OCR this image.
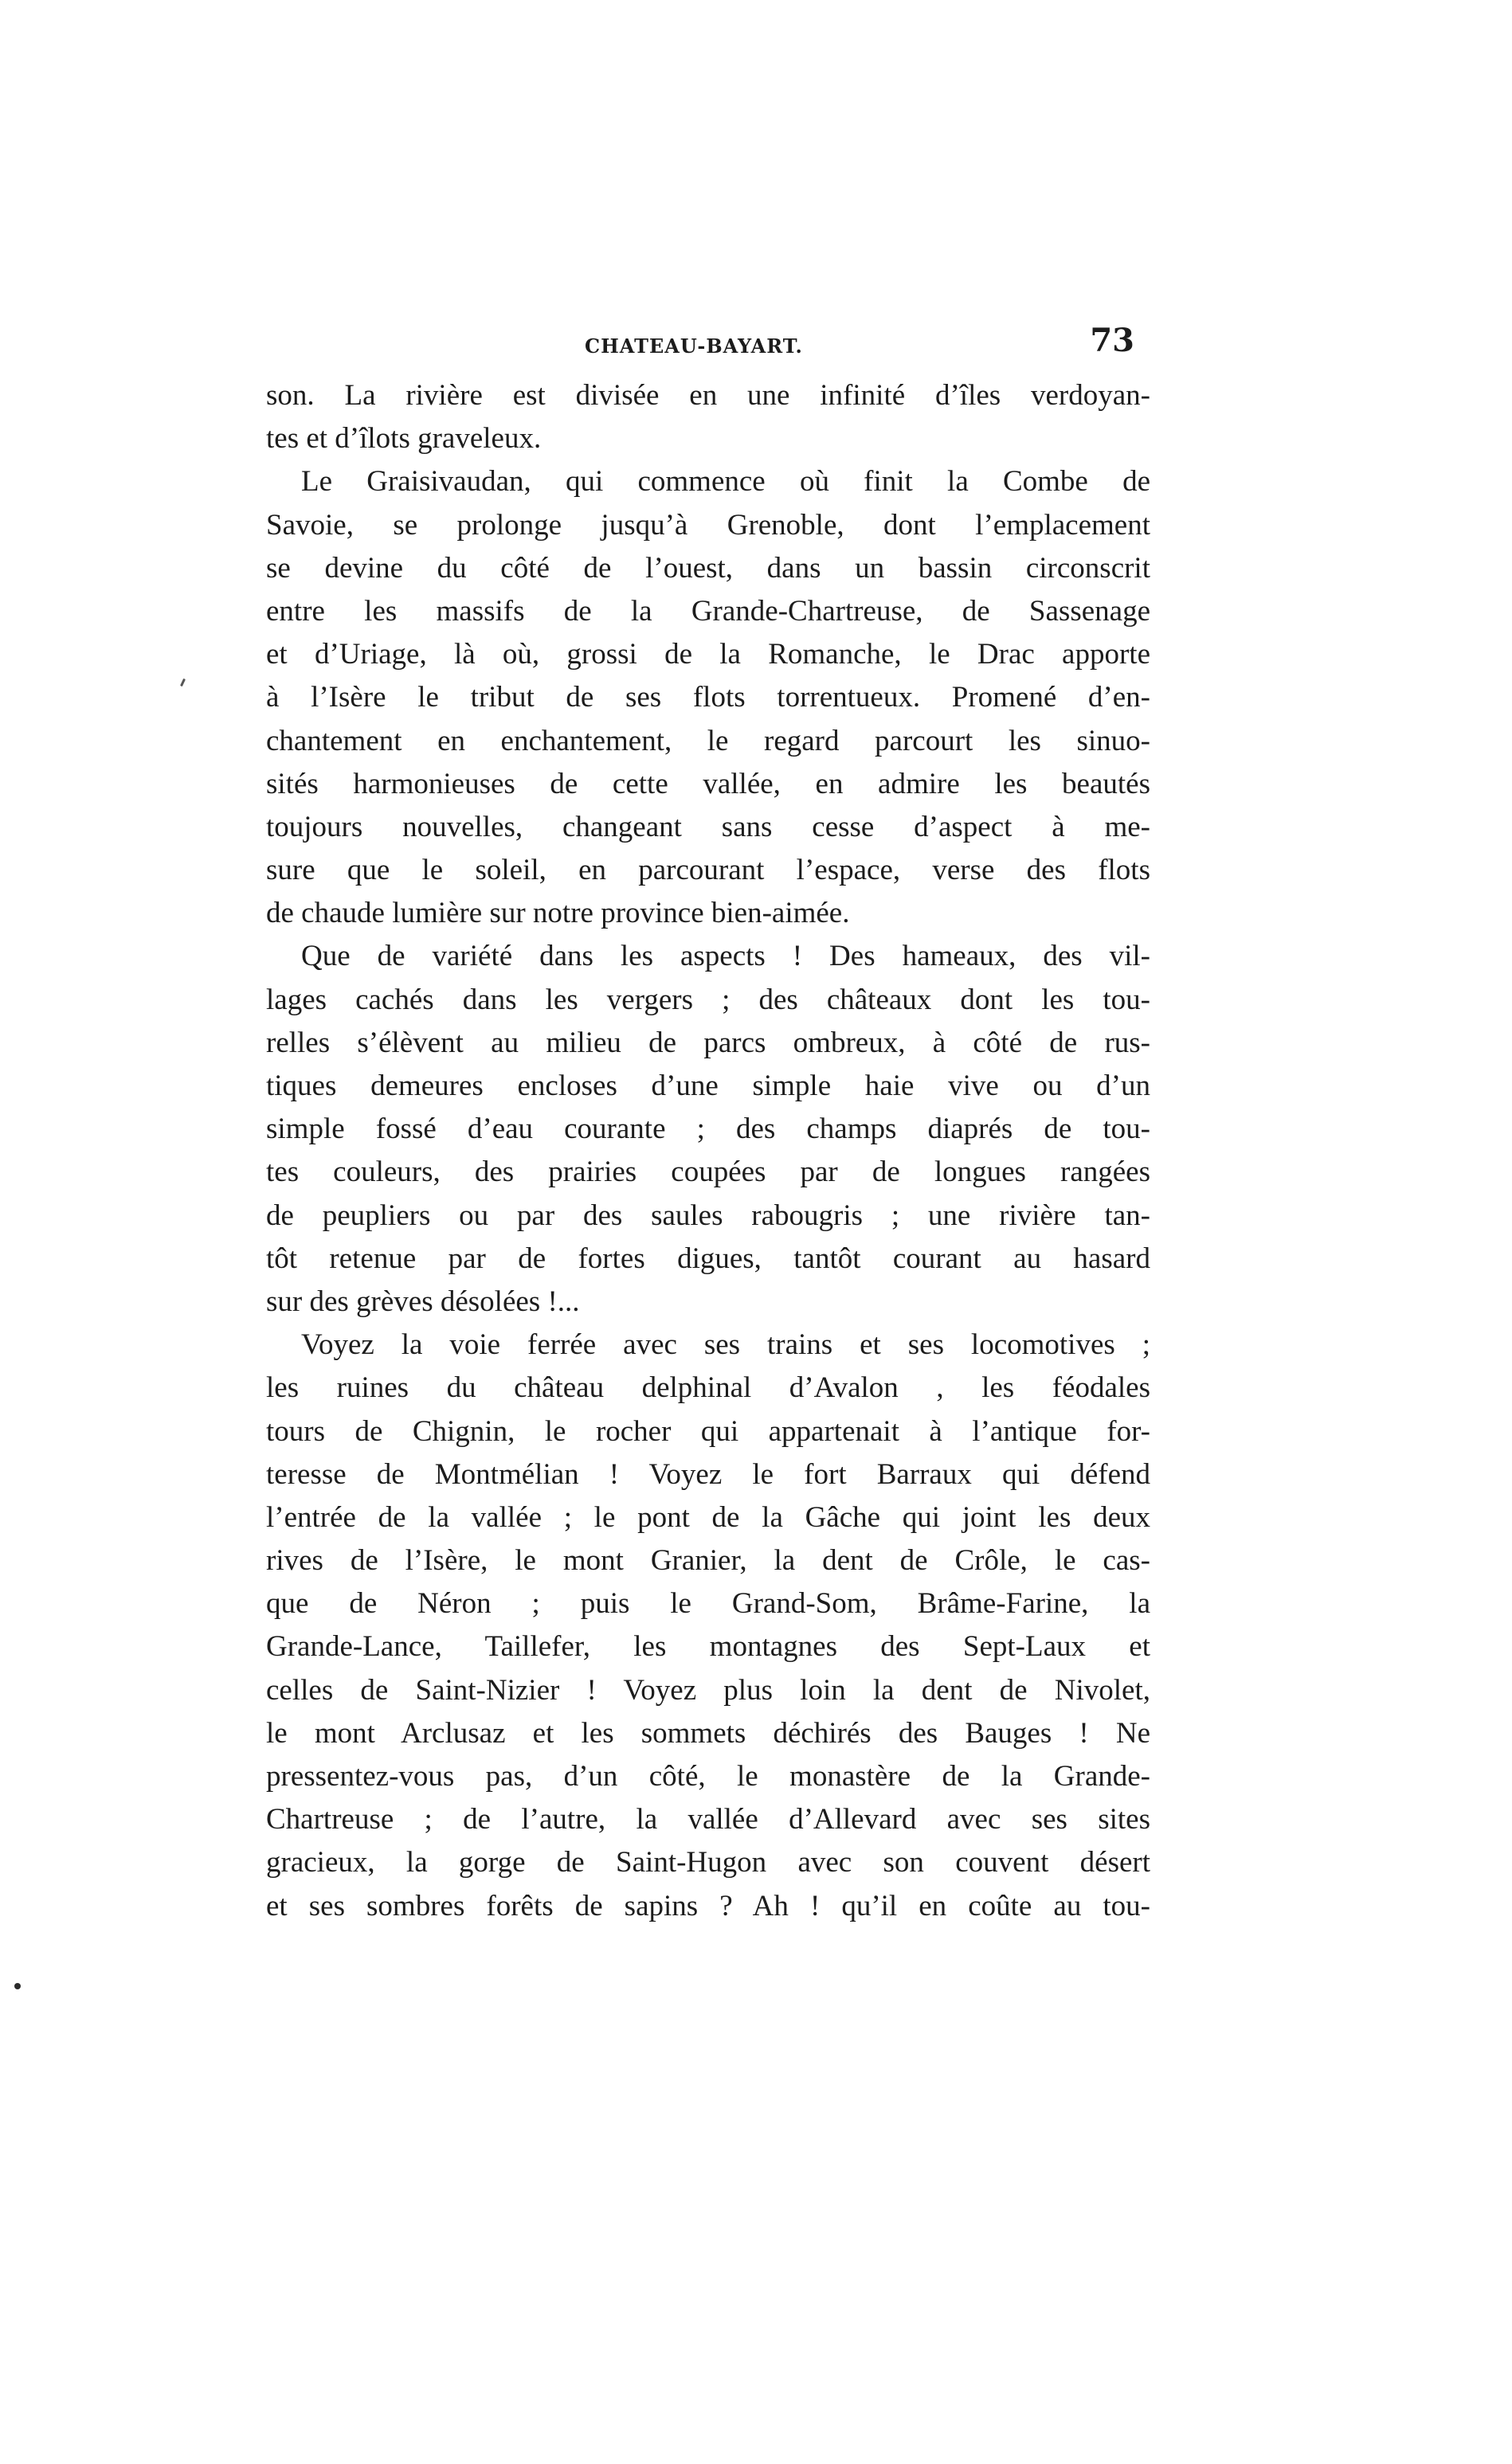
CHATEAU-BAYART.	73
son. La rivière est divisée en une infinité d’îles verdoyan-
tes et d’îlots graveleux.
Le Graisivaudan, qui commence où finit la Combe de
Savoie, se prolonge jusqu’à Grenoble, dont l’emplacement
se devine du côté de l’ouest, dans un bassin circonscrit
entre les massifs de la Grande-Chartreuse, de Sassenage
et d’Uriage, là où, grossi de la Romanche, le Drac apporte
à l’Isère le tribut de ses flots torrentueux. Promené d’en-
chantement en enchantement, le regard parcourt les sinuo-
sités harmonieuses de cette vallée, en admire les beautés
toujours nouvelles, changeant sans cesse d’aspect à me-
sure que le soleil, en parcourant l’espace, verse des flots
de chaude lumière sur notre province bien-aimée.
Que de variété dans les aspects ! Des hameaux, des vil-
lages cachés dans les vergers ; des châteaux dont les tou-
relles s’élèvent au milieu de parcs ombreux, à côté de rus-
tiques demeures encloses d’une simple haie vive ou d’un
simple fossé d’eau courante ; des champs diaprés de tou-
tes couleurs, des prairies coupées par de longues rangées
de peupliers ou par des saules rabougris ; une rivière tan-
tôt retenue par de fortes digues, tantôt courant au hasard
sur des grèves désolées !...
Voyez la voie ferrée avec ses trains et ses locomotives ;
les ruines du château delphinal d’Avalon , les féodales
tours de Chignin, le rocher qui appartenait à l’antique for-
teresse de Montmélian ! Voyez le fort Barraux qui défend
l’entrée de la vallée ; le pont de la Gâche qui joint les deux
rives de l’Isère, le mont Granier, la dent de Crôle, le cas-
que de Néron ; puis le Grand-Som, Brâme-Farine, la
Grande-Lance, Taillefer, les montagnes des Sept-Laux et
celles de Saint-Nizier ! Voyez plus loin la dent de Nivolet,
le mont Arclusaz et les sommets déchirés des Bauges ! Ne
pressentez-vous pas, d’un côté, le monastère de la Grande-
Chartreuse ; de l’autre, la vallée d’Allevard avec ses sites
gracieux, la gorge de Saint-Hugon avec son couvent désert
et ses sombres forêts de sapins ? Ah ! qu’il en coûte au tou-
